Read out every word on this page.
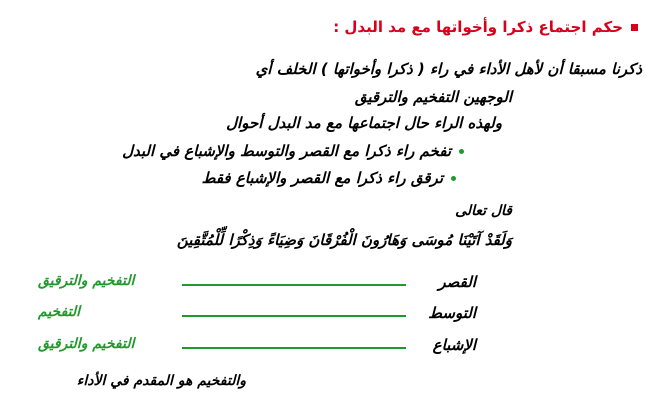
حكم اجتماع ذكرا وأخواتها مع مد البدل :
ذكرنا مسبقا أن لأهل الأداء في راء ( ذكرا وأخواتها ) الخلف أي
الوجهين التفخيم والترقيق
ولهذه الراء حال اجتماعها مع مد البدل أحوال
تفخم راء ذكرا مع القصر والتوسط والإشباع في البدل
ترقق راء ذكرا مع القصر والإشباع فقط
قال تعالى
وَلَقَدْ آتَيْنَا مُوسَى وَهَارُونَ الْفُرْقَانَ وَضِيَاءً وَذِكْرًا لِّلْمُتَّقِينَ
القصر
التفخيم والترقيق
التوسط
التفخيم
الإشباع
التفخيم والترقيق
والتفخيم هو المقدم في الأداء
